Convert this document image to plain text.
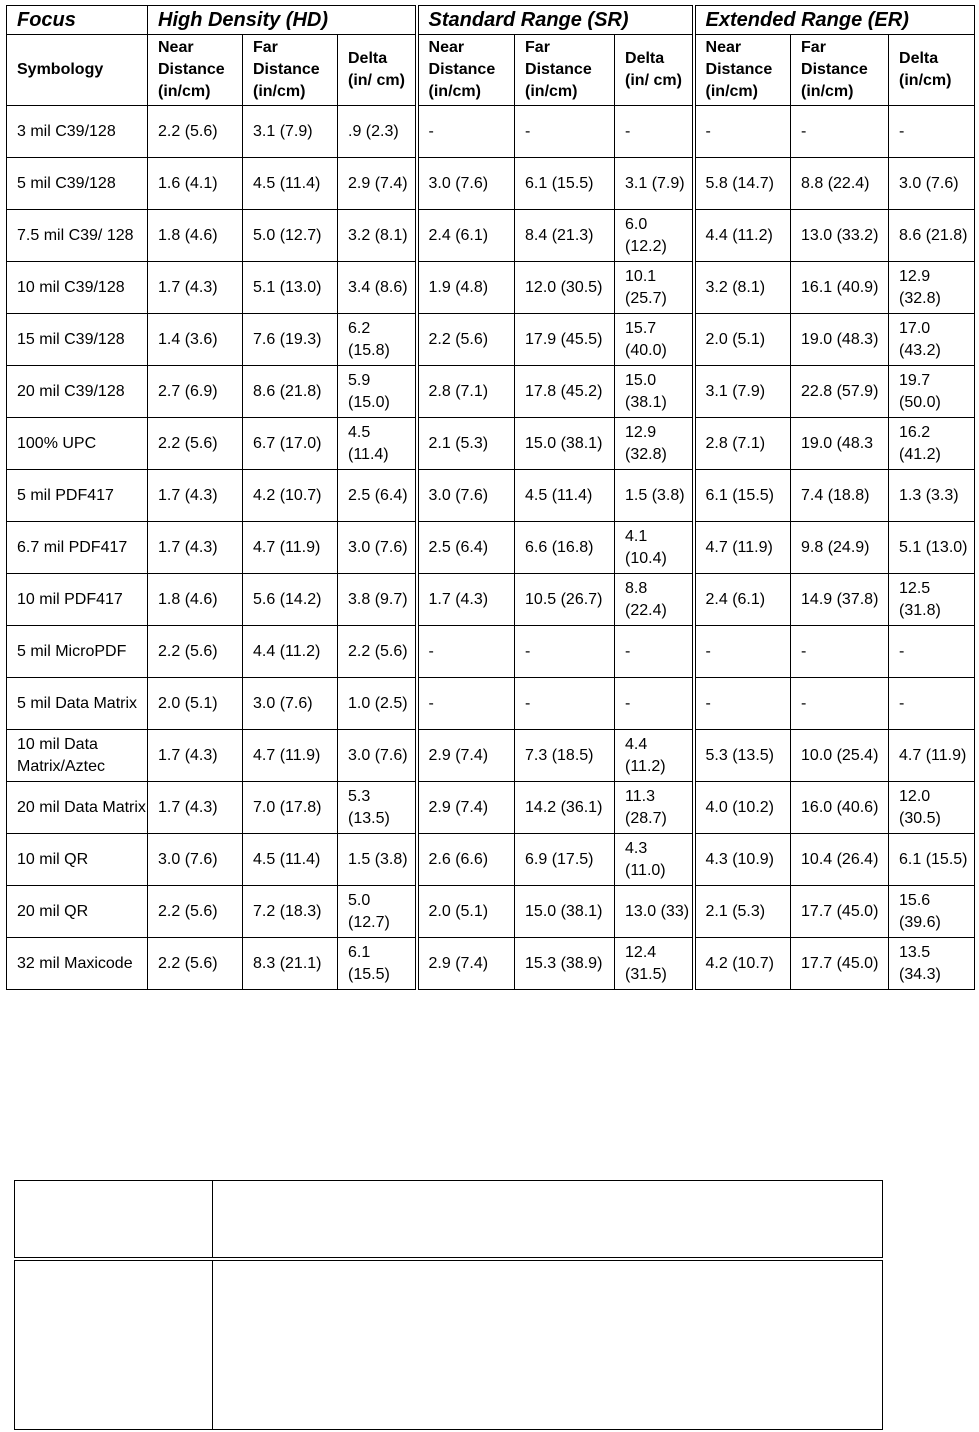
Focus	High Density (HD)			Standard Range (SR)			Extended Range (ER)		
Symbology	Near Distance (in/cm)	Far Distance (in/cm)	Delta (in/ cm)	Near Distance (in/cm)	Far Distance (in/cm)	Delta (in/ cm)	Near Distance (in/cm)	Far Distance (in/cm)	Delta (in/cm)
3 mil C39/128	2.2 (5.6)	3.1 (7.9)	.9 (2.3)	-	-	-	-	-	-
5 mil C39/128	1.6 (4.1)	4.5 (11.4)	2.9 (7.4)	3.0 (7.6)	6.1 (15.5)	3.1 (7.9)	5.8 (14.7)	8.8 (22.4)	3.0 (7.6)
7.5 mil C39/ 128	1.8 (4.6)	5.0 (12.7)	3.2 (8.1)	2.4 (6.1)	8.4 (21.3)	6.0 (12.2)	4.4 (11.2)	13.0 (33.2)	8.6 (21.8)
10 mil C39/128	1.7 (4.3)	5.1 (13.0)	3.4 (8.6)	1.9 (4.8)	12.0 (30.5)	10.1 (25.7)	3.2 (8.1)	16.1 (40.9)	12.9 (32.8)
15 mil C39/128	1.4 (3.6)	7.6 (19.3)	6.2 (15.8)	2.2 (5.6)	17.9 (45.5)	15.7 (40.0)	2.0 (5.1)	19.0 (48.3)	17.0 (43.2)
20 mil C39/128	2.7 (6.9)	8.6 (21.8)	5.9 (15.0)	2.8 (7.1)	17.8 (45.2)	15.0 (38.1)	3.1 (7.9)	22.8 (57.9)	19.7 (50.0)
100% UPC	2.2 (5.6)	6.7 (17.0)	4.5 (11.4)	2.1 (5.3)	15.0 (38.1)	12.9 (32.8)	2.8 (7.1)	19.0 (48.3	16.2 (41.2)
5 mil PDF417	1.7 (4.3)	4.2 (10.7)	2.5 (6.4)	3.0 (7.6)	4.5 (11.4)	1.5 (3.8)	6.1 (15.5)	7.4 (18.8)	1.3 (3.3)
6.7 mil PDF417	1.7 (4.3)	4.7 (11.9)	3.0 (7.6)	2.5 (6.4)	6.6 (16.8)	4.1 (10.4)	4.7 (11.9)	9.8 (24.9)	5.1 (13.0)
10 mil PDF417	1.8 (4.6)	5.6 (14.2)	3.8 (9.7)	1.7 (4.3)	10.5 (26.7)	8.8 (22.4)	2.4 (6.1)	14.9 (37.8)	12.5 (31.8)
5 mil MicroPDF	2.2 (5.6)	4.4 (11.2)	2.2 (5.6)	-	-	-	-	-	-
5 mil Data Matrix	2.0 (5.1)	3.0 (7.6)	1.0 (2.5)	-	-	-	-	-	-
10 mil Data Matrix/Aztec	1.7 (4.3)	4.7 (11.9)	3.0 (7.6)	2.9 (7.4)	7.3 (18.5)	4.4 (11.2)	5.3 (13.5)	10.0 (25.4)	4.7 (11.9)
20 mil Data Matrix	1.7 (4.3)	7.0 (17.8)	5.3 (13.5)	2.9 (7.4)	14.2 (36.1)	11.3 (28.7)	4.0 (10.2)	16.0 (40.6)	12.0 (30.5)
10 mil QR	3.0 (7.6)	4.5 (11.4)	1.5 (3.8)	2.6 (6.6)	6.9 (17.5)	4.3 (11.0)	4.3 (10.9)	10.4 (26.4)	6.1 (15.5)
20 mil QR	2.2 (5.6)	7.2 (18.3)	5.0 (12.7)	2.0 (5.1)	15.0 (38.1)	13.0 (33)	2.1 (5.3)	17.7 (45.0)	15.6 (39.6)
32 mil Maxicode	2.2 (5.6)	8.3 (21.1)	6.1 (15.5)	2.9 (7.4)	15.3 (38.9)	12.4 (31.5)	4.2 (10.7)	17.7 (45.0)	13.5 (34.3)
